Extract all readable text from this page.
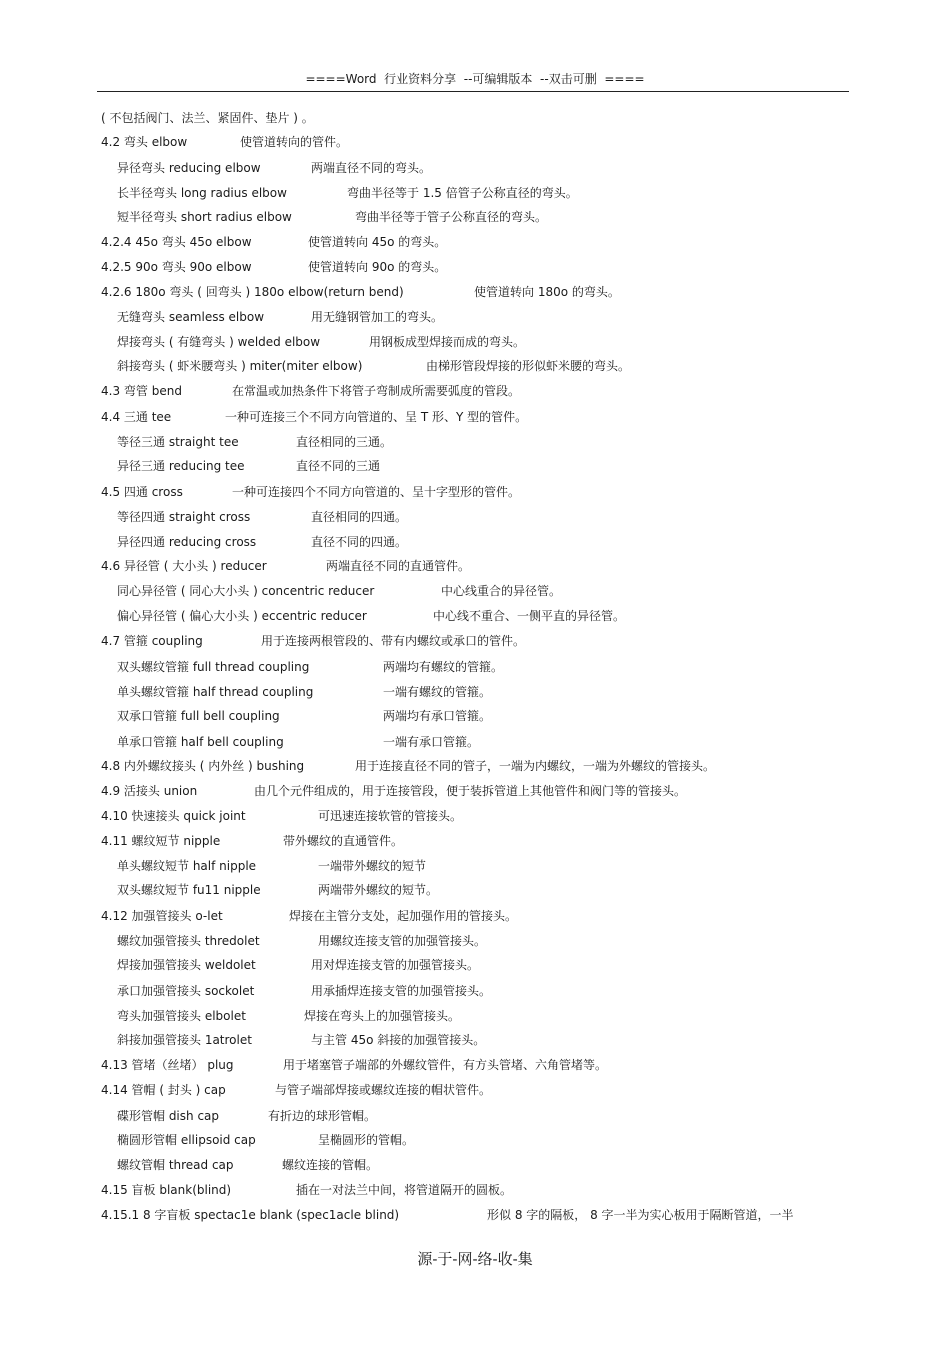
====Word  行业资料分享  --可编辑版本  --双击可删  ====
( 不包括阀门、法兰、紧固件、垫片 ) 。
4.2 弯头 elbow	使管道转向的管件。
异径弯头 reducing elbow	两端直径不同的弯头。
长半径弯头 long radius elbow	弯曲半径等于 1.5 倍管子公称直径的弯头。
短半径弯头 short radius elbow	弯曲半径等于管子公称直径的弯头。
4.2.4 45o 弯头 45o elbow	使管道转向 45o 的弯头。
4.2.5 90o 弯头 90o elbow	使管道转向 90o 的弯头。
4.2.6 180o 弯头 ( 回弯头 ) 180o elbow(return bend)	使管道转向 180o 的弯头。
无缝弯头 seamless elbow	用无缝钢管加工的弯头。
焊接弯头 ( 有缝弯头 ) welded elbow	用钢板成型焊接而成的弯头。
斜接弯头 ( 虾米腰弯头 ) miter(miter elbow)	由梯形管段焊接的形似虾米腰的弯头。
4.3 弯管 bend	在常温或加热条件下将管子弯制成所需要弧度的管段。
4.4 三通 tee	一种可连接三个不同方向管道的、呈 T 形、Y 型的管件。
等径三通 straight tee	直径相同的三通。
异径三通 reducing tee	直径不同的三通
4.5 四通 cross	一种可连接四个不同方向管道的、呈十字型形的管件。
等径四通 straight cross	直径相同的四通。
异径四通 reducing cross	直径不同的四通。
4.6 异径管 ( 大小头 ) reducer	两端直径不同的直通管件。
同心异径管 ( 同心大小头 ) concentric reducer	中心线重合的异径管。
偏心异径管 ( 偏心大小头 ) eccentric reducer	中心线不重合、一侧平直的异径管。
4.7 管箍 coupling	用于连接两根管段的、带有内螺纹或承口的管件。
双头螺纹管箍 full thread coupling	两端均有螺纹的管箍。
单头螺纹管箍 half thread coupling	一端有螺纹的管箍。
双承口管箍 full bell coupling	两端均有承口管箍。
单承口管箍 half bell coupling	一端有承口管箍。
4.8 内外螺纹接头 ( 内外丝 ) bushing	用于连接直径不同的管子，一端为内螺纹，一端为外螺纹的管接头。
4.9 活接头 union	由几个元件组成的，用于连接管段，便于装拆管道上其他管件和阀门等的管接头。
4.10 快速接头 quick joint	可迅速连接软管的管接头。
4.11 螺纹短节 nipple	带外螺纹的直通管件。
单头螺纹短节 half nipple	一端带外螺纹的短节
双头螺纹短节 fu11 nipple	两端带外螺纹的短节。
4.12 加强管接头 o-let	焊接在主管分支处，起加强作用的管接头。
螺纹加强管接头 thredolet	用螺纹连接支管的加强管接头。
焊接加强管接头 weldolet	用对焊连接支管的加强管接头。
承口加强管接头 sockolet	用承插焊连接支管的加强管接头。
弯头加强管接头 elbolet	焊接在弯头上的加强管接头。
斜接加强管接头 1atrolet	与主管 45o 斜接的加强管接头。
4.13 管堵（丝堵） plug	用于堵塞管子端部的外螺纹管件，有方头管堵、六角管堵等。
4.14 管帽 ( 封头 ) cap	与管子端部焊接或螺纹连接的帽状管件。
碟形管帽 dish cap	有折边的球形管帽。
椭圆形管帽 ellipsoid cap	呈椭圆形的管帽。
螺纹管帽 thread cap	螺纹连接的管帽。
4.15 盲板 blank(blind)	插在一对法兰中间，将管道隔开的圆板。
4.15.1 8 字盲板 spectac1e blank (spec1acle blind)	形似 8 字的隔板， 8 字一半为实心板用于隔断管道，一半
源-于-网-络-收-集
